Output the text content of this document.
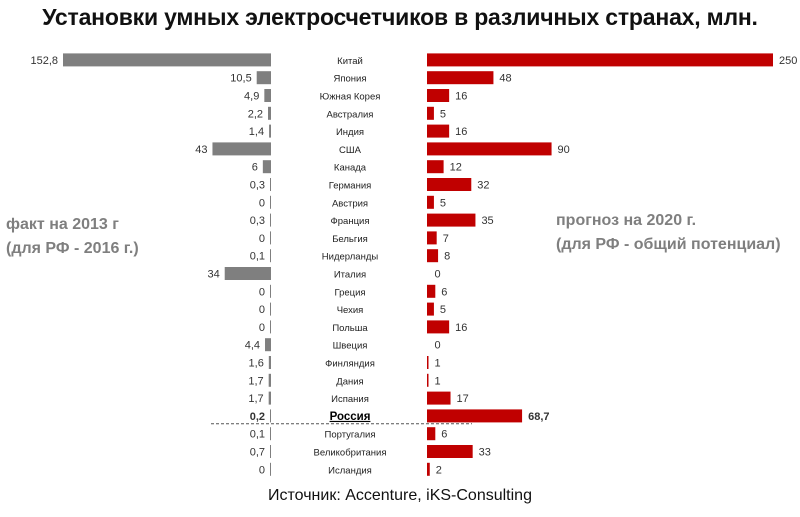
Установки умных электросчетчиков в различных странах, млн.
факт на 2013 г
(для РФ - 2016 г.)
прогноз на 2020 г.
(для РФ - общий потенциал)
Китай
152,8	250
Япония
10,5	48
Южная Корея
4,9	16
Австралия
2,2	5
Индия
1,4	16
США
43	90
Канада
6	12
Германия
0,3	32
Австрия
0	5
Франция
0,3	35
Бельгия
0	7
Нидерланды
0,1	8
Италия
34	0
Греция
0	6
Чехия
0	5
Польша
0	16
Швеция
4,4	0
Финляндия
1,6	1
Дания
1,7	1
Испания
1,7	17
Россия
0,2	68,7
Португалия
0,1	6
Великобритания
0,7	33
Исландия
0	2
Источник: Accenture, iKS-Consulting
